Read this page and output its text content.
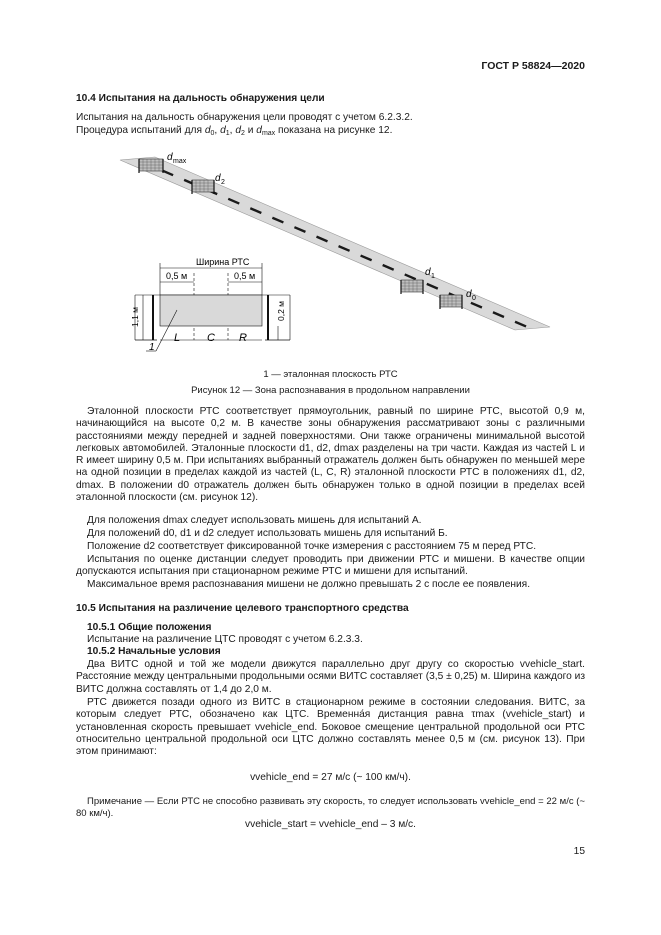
ГОСТ Р 58824—2020
10.4 Испытания на дальность обнаружения цели
Испытания на дальность обнаружения цели проводят с учетом 6.2.3.2.
Процедура испытаний для $d_0$, $d_1$, $d_2$ и $d_{max}$ показана на рисунке 12.
d max
d 2
d 1
d 0
Ширина РТС
0,5 м	0,5 м
1,1 м	0,2 м
L C R
1
1 — эталонная плоскость РТС
Рисунок 12 — Зона распознавания в продольном направлении

Эталонной плоскости РТС соответствует прямоугольник, равный по ширине РТС, высотой 0,9 м, начинающийся на высоте 0,2 м. В качестве зоны обнаружения рассматривают зоны с различными расстояниями между передней и задней поверхностями. Они также ограничены минимальной высотой легковых автомобилей. Эталонные плоскости d1, d2, dmax разделены на три части. Каждая из частей L и R имеет ширину 0,5 м. При испытаниях выбранный отражатель должен быть обнаружен по меньшей мере на одной позиции в пределах каждой из частей (L, C, R) эталонной плоскости РТС в положениях d1, d2, dmax. В положении d0 отражатель должен быть обнаружен только в одной позиции в пределах всей эталонной плоскости (см. рисунок 12).

Для положения dmax следует использовать мишень для испытаний А.

Для положений d0, d1 и d2 следует использовать мишень для испытаний Б.

Положение d2 соответствует фиксированной точке измерения с расстоянием 75 м перед РТС.

Испытания по оценке дистанции следует проводить при движении РТС и мишени. В качестве опции допускаются испытания при стационарном режиме РТС и мишени для испытаний.

Максимальное время распознавания мишени не должно превышать 2 с после ее появления.

10.5 Испытания на различение целевого транспортного средства
10.5.1 Общие положения
Испытание на различение ЦТС проводят с учетом 6.2.3.3.
10.5.2 Начальные условия

Два ВИТС одной и той же модели движутся параллельно друг другу со скоростью vvehicle_start. Расстояние между центральными продольными осями ВИТС составляет (3,5 ± 0,25) м. Ширина каждого из ВИТС должна составлять от 1,4 до 2,0 м.

РТС движется позади одного из ВИТС в стационарном режиме в состоянии следования. ВИТС, за которым следует РТС, обозначено как ЦТС. Временна́я дистанция равна τmax (vvehicle_start) и установленная скорость превышает vvehicle_end. Боковое смещение центральной продольной оси РТС относительно центральной продольной оси ЦТС должно составлять менее 0,5 м (см. рисунок 13). При этом принимают:

vvehicle_end = 27 м/с (~ 100 км/ч).

Примечание — Если РТС не способно развивать эту скорость, то следует использовать vvehicle_end = 22 м/с (~ 80 км/ч).

vvehicle_start = vvehicle_end – 3 м/с.
15
